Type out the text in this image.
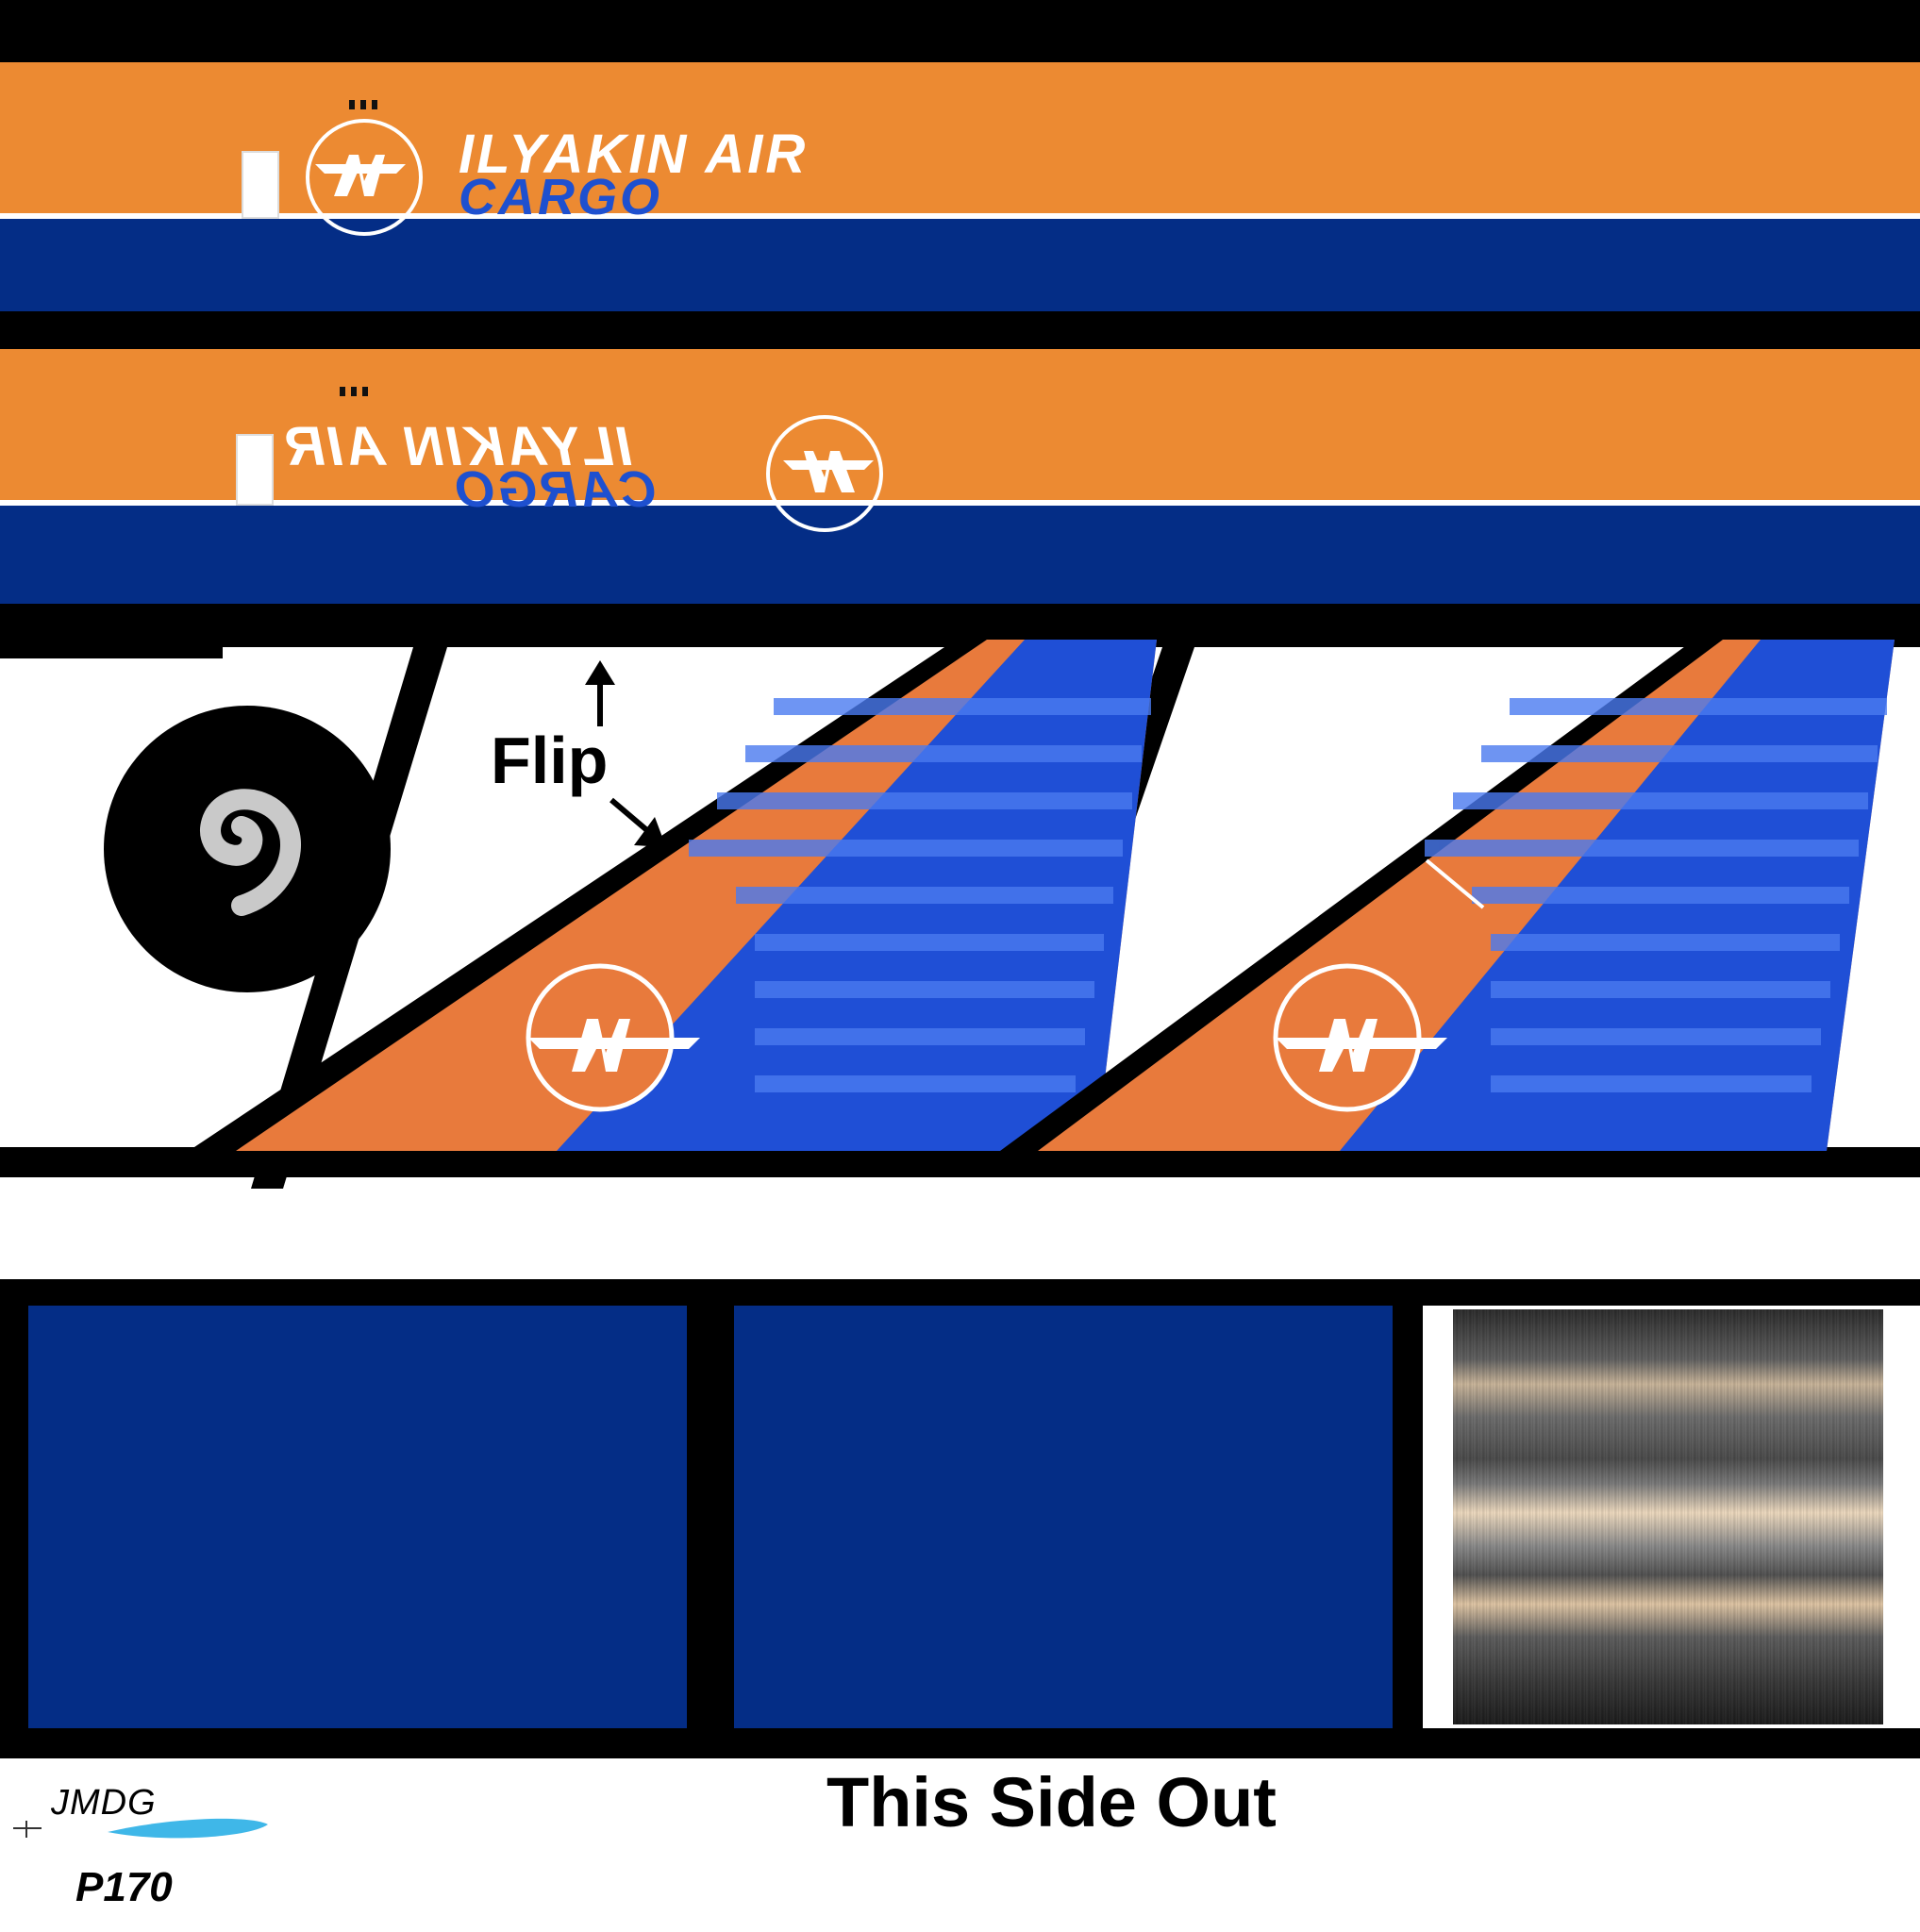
ILYAKIN AIR
CARGO
ILYAKIN AIR
CARGO
Flip
This Side Out
JMDG
P170
